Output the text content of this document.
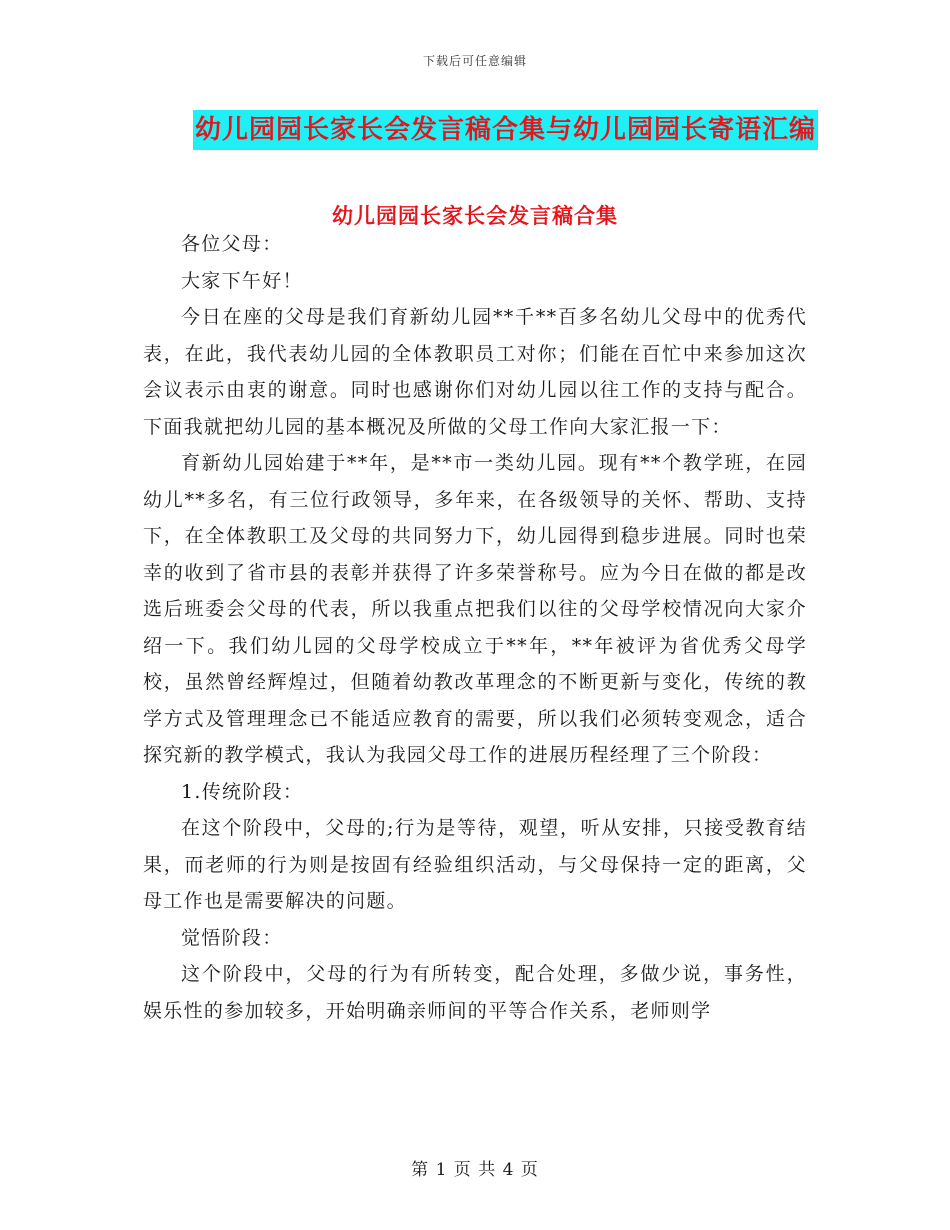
下载后可任意编辑
幼儿园园长家长会发言稿合集与幼儿园园长寄语汇编
幼儿园园长家长会发言稿合集

各位父母：

大家下午好！

今日在座的父母是我们育新幼儿园**千**百多名幼儿父母中的优秀代表，在此，我代表幼儿园的全体教职员工对你；们能在百忙中来参加这次会议表示由衷的谢意。同时也感谢你们对幼儿园以往工作的支持与配合。下面我就把幼儿园的基本概况及所做的父母工作向大家汇报一下：

育新幼儿园始建于**年，是**市一类幼儿园。现有**个教学班，在园幼儿**多名，有三位行政领导，多年来，在各级领导的关怀、帮助、支持下，在全体教职工及父母的共同努力下，幼儿园得到稳步进展。同时也荣幸的收到了省市县的表彰并获得了许多荣誉称号。应为今日在做的都是改选后班委会父母的代表，所以我重点把我们以往的父母学校情况向大家介绍一下。我们幼儿园的父母学校成立于**年，**年被评为省优秀父母学校，虽然曾经辉煌过，但随着幼教改革理念的不断更新与变化，传统的教学方式及管理理念已不能适应教育的需要，所以我们必须转变观念，适合探究新的教学模式，我认为我园父母工作的进展历程经理了三个阶段：

1.传统阶段：

在这个阶段中，父母的;行为是等待，观望，听从安排，只接受教育结果，而老师的行为则是按固有经验组织活动，与父母保持一定的距离，父母工作也是需要解决的问题。

觉悟阶段：

这个阶段中，父母的行为有所转变，配合处理，多做少说，事务性，娱乐性的参加较多，开始明确亲师间的平等合作关系，老师则学

第 1 页 共 4 页
